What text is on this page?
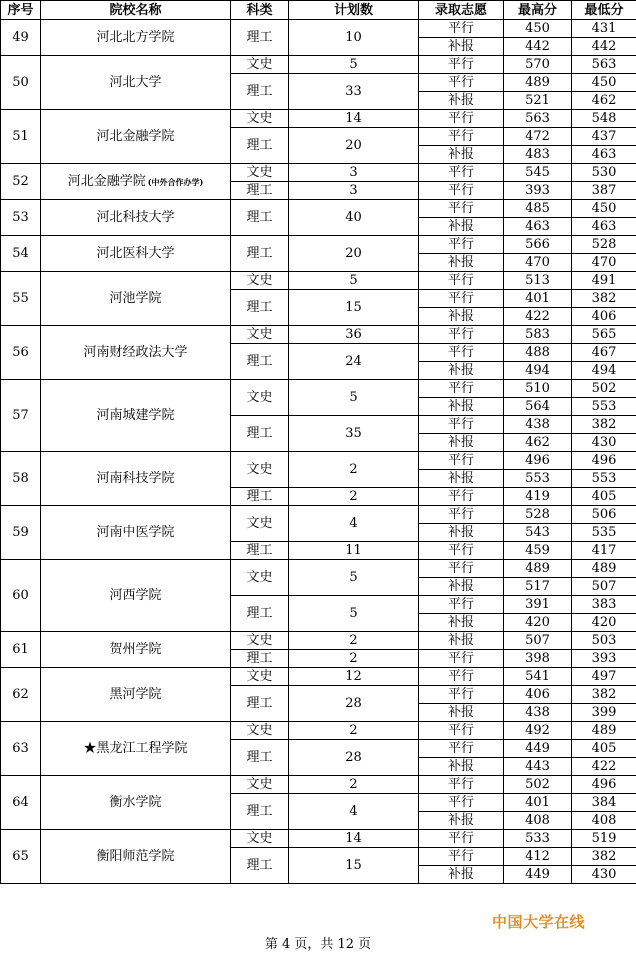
序号	院校名称	科类	计划数	录取志愿	最高分	最低分
49	河北北方学院	理工	10	平行	450	431
				补报	442	442
50	河北大学	文史	5	平行	570	563
		理工	33	平行	489	450
				补报	521	462
51	河北金融学院	文史	14	平行	563	548
		理工	20	平行	472	437
				补报	483	463
52	河北金融学院 (中外合作办学)	文史	3	平行	545	530
		理工	3	平行	393	387
53	河北科技大学	理工	40	平行	485	450
				补报	463	463
54	河北医科大学	理工	20	平行	566	528
				补报	470	470
55	河池学院	文史	5	平行	513	491
		理工	15	平行	401	382
				补报	422	406
56	河南财经政法大学	文史	36	平行	583	565
		理工	24	平行	488	467
				补报	494	494
57	河南城建学院	文史	5	平行	510	502
				补报	564	553
		理工	35	平行	438	382
				补报	462	430
58	河南科技学院	文史	2	平行	496	496
				补报	553	553
		理工	2	平行	419	405
59	河南中医学院	文史	4	平行	528	506
				补报	543	535
		理工	11	平行	459	417
60	河西学院	文史	5	平行	489	489
				补报	517	507
		理工	5	平行	391	383
				补报	420	420
61	贺州学院	文史	2	补报	507	503
		理工	2	平行	398	393
62	黑河学院	文史	12	平行	541	497
		理工	28	平行	406	382
				补报	438	399
63	★黑龙江工程学院	文史	2	平行	492	489
		理工	28	平行	449	405
				补报	443	422
64	衡水学院	文史	2	平行	502	496
		理工	4	平行	401	384
				补报	408	408
65	衡阳师范学院	文史	14	平行	533	519
		理工	15	平行	412	382
				补报	449	430
中国大学在线
第 4 页，共 12 页
